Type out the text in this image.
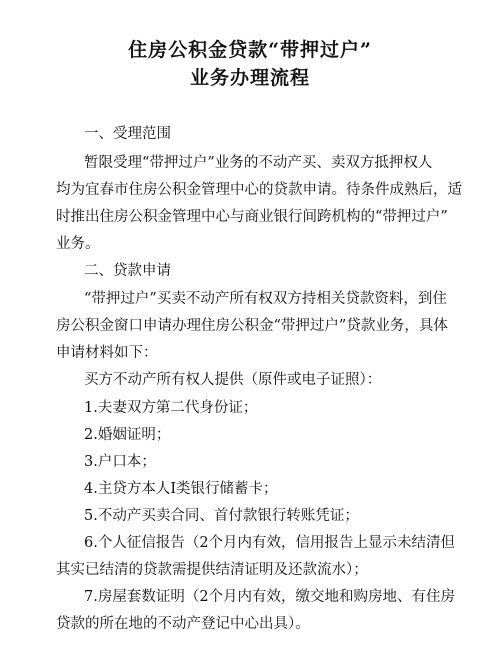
住房公积金贷款“带押过户”
业务办理流程
一、受理范围
暂限受理“带押过户”业务的不动产买、卖双方抵押权人
均为宜春市住房公积金管理中心的贷款申请。待条件成熟后，适
时推出住房公积金管理中心与商业银行间跨机构的“带押过户”
业务。
二、贷款申请
“带押过户”买卖不动产所有权双方持相关贷款资料，到住
房公积金窗口申请办理住房公积金“带押过户”贷款业务，具体
申请材料如下：
买方不动产所有权人提供（原件或电子证照）：
1.夫妻双方第二代身份证；
2.婚姻证明；
3.户口本；
4.主贷方本人Ⅰ类银行储蓄卡；
5.不动产买卖合同、首付款银行转账凭证；
6.个人征信报告（2个月内有效，信用报告上显示未结清但
其实已结清的贷款需提供结清证明及还款流水）；
7.房屋套数证明（2个月内有效，缴交地和购房地、有住房
贷款的所在地的不动产登记中心出具）。
